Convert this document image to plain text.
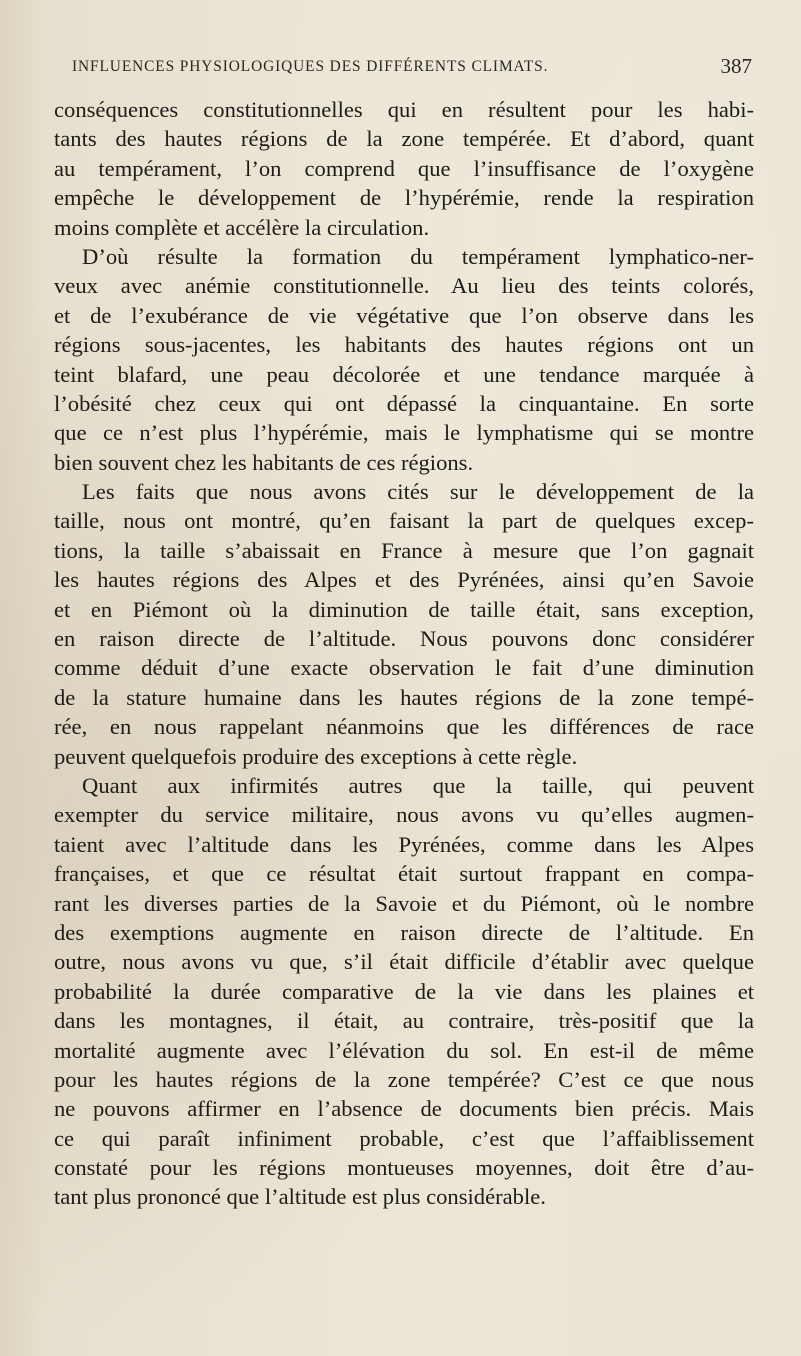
INFLUENCES PHYSIOLOGIQUES DES DIFFÉRENTS CLIMATS.	387
conséquences constitutionnelles qui en résultent pour les habi-
tants des hautes régions de la zone tempérée. Et d’abord, quant
au tempérament, l’on comprend que l’insuffisance de l’oxygène
empêche le développement de l’hypérémie, rende la respiration
moins complète et accélère la circulation.
D’où résulte la formation du tempérament lymphatico-ner-
veux avec anémie constitutionnelle. Au lieu des teints colorés,
et de l’exubérance de vie végétative que l’on observe dans les
régions sous-jacentes, les habitants des hautes régions ont un
teint blafard, une peau décolorée et une tendance marquée à
l’obésité chez ceux qui ont dépassé la cinquantaine. En sorte
que ce n’est plus l’hypérémie, mais le lymphatisme qui se montre
bien souvent chez les habitants de ces régions.
Les faits que nous avons cités sur le développement de la
taille, nous ont montré, qu’en faisant la part de quelques excep-
tions, la taille s’abaissait en France à mesure que l’on gagnait
les hautes régions des Alpes et des Pyrénées, ainsi qu’en Savoie
et en Piémont où la diminution de taille était, sans exception,
en raison directe de l’altitude. Nous pouvons donc considérer
comme déduit d’une exacte observation le fait d’une diminution
de la stature humaine dans les hautes régions de la zone tempé-
rée, en nous rappelant néanmoins que les différences de race
peuvent quelquefois produire des exceptions à cette règle.
Quant aux infirmités autres que la taille, qui peuvent
exempter du service militaire, nous avons vu qu’elles augmen-
taient avec l’altitude dans les Pyrénées, comme dans les Alpes
françaises, et que ce résultat était surtout frappant en compa-
rant les diverses parties de la Savoie et du Piémont, où le nombre
des exemptions augmente en raison directe de l’altitude. En
outre, nous avons vu que, s’il était difficile d’établir avec quelque
probabilité la durée comparative de la vie dans les plaines et
dans les montagnes, il était, au contraire, très-positif que la
mortalité augmente avec l’élévation du sol. En est-il de même
pour les hautes régions de la zone tempérée? C’est ce que nous
ne pouvons affirmer en l’absence de documents bien précis. Mais
ce qui paraît infiniment probable, c’est que l’affaiblissement
constaté pour les régions montueuses moyennes, doit être d’au-
tant plus prononcé que l’altitude est plus considérable.
